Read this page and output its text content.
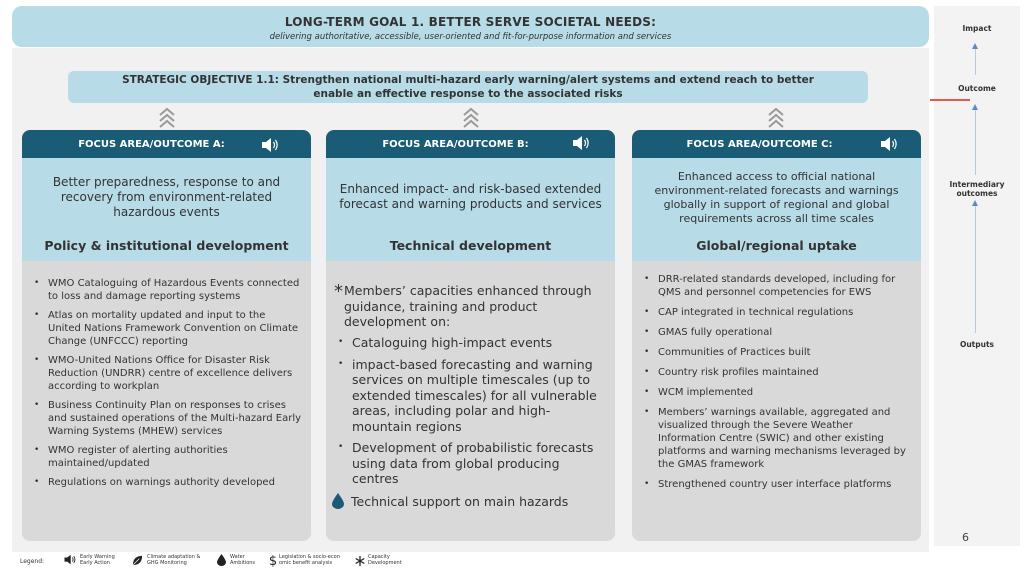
LONG-TERM GOAL 1. BETTER SERVE SOCIETAL NEEDS:
delivering authoritative, accessible, user-oriented and fit-for-purpose information and services
STRATEGIC OBJECTIVE 1.1: Strengthen national multi-hazard early warning/alert systems and extend reach to better
enable an effective response to the associated risks
FOCUS AREA/OUTCOME A:
Better preparedness, response to and recovery from environment-related hazardous events
Policy & institutional development
• WMO Cataloguing of Hazardous Events connected to loss and damage reporting systems
• Atlas on mortality updated and input to the United Nations Framework Convention on Climate Change (UNFCCC) reporting
• WMO-United Nations Office for Disaster Risk Reduction (UNDRR) centre of excellence delivers according to workplan
• Business Continuity Plan on responses to crises and sustained operations of the Multi-hazard Early Warning Systems (MHEW) services
• WMO register of alerting authorities maintained/updated
• Regulations on warnings authority developed
FOCUS AREA/OUTCOME B:
Enhanced impact- and risk-based extended forecast and warning products and services
Technical development
* Members’ capacities enhanced through guidance, training and product development on:
• Cataloguing high-impact events
• impact-based forecasting and warning services on multiple timescales (up to extended timescales) for all vulnerable areas, including polar and high-mountain regions
• Development of probabilistic forecasts using data from global producing centres
Technical support on main hazards
FOCUS AREA/OUTCOME C:
Enhanced access to official national environment-related forecasts and warnings globally in support of regional and global requirements across all time scales
Global/regional uptake
• DRR-related standards developed, including for QMS and personnel competencies for EWS
• CAP integrated in technical regulations
• GMAS fully operational
• Communities of Practices built
• Country risk profiles maintained
• WCM implemented
• Members’ warnings available, aggregated and visualized through the Severe Weather Information Centre (SWIC) and other existing platforms and warning mechanisms leveraged by the GMAS framework
• Strengthened country user interface platforms
Impact
Outcome
Intermediary
outcomes
Outputs
6
Legend:
Early Warning
Early Action
Climate adaptation &
GHG Monitoring
Water
Ambitions $ Legislation & socio-econ
omic benefit analysis
Capacity
Development
